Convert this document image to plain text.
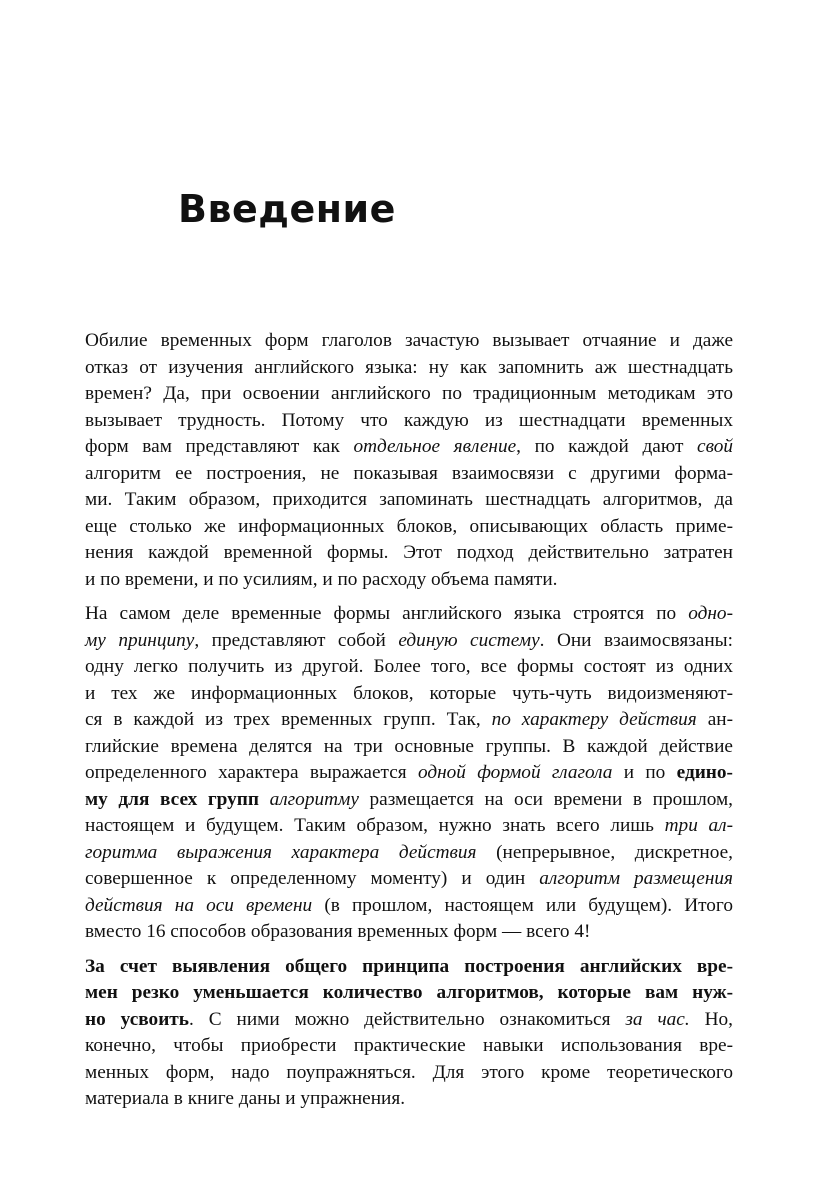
Введение

Обилие временных форм глаголов зачастую вызывает отчаяние и даже
отказ от изучения английского языка: ну как запомнить аж шестнадцать
времен? Да, при освоении английского по традиционным методикам это
вызывает трудность. Потому что каждую из шестнадцати временных
форм вам представляют как отдельное явление, по каждой дают свой
алгоритм ее построения, не показывая взаимосвязи с другими форма-
ми. Таким образом, приходится запоминать шестнадцать алгоритмов, да
еще столько же информационных блоков, описывающих область приме-
нения каждой временной формы. Этот подход действительно затратен
и по времени, и по усилиям, и по расходу объема памяти.

На самом деле временные формы английского языка строятся по одно-
му принципу, представляют собой единую систему. Они взаимосвязаны:
одну легко получить из другой. Более того, все формы состоят из одних
и тех же информационных блоков, которые чуть-чуть видоизменяют-
ся в каждой из трех временных групп. Так, по характеру действия ан-
глийские времена делятся на три основные группы. В каждой действие
определенного характера выражается одной формой глагола и по едино-
му для всех групп алгоритму размещается на оси времени в прошлом,
настоящем и будущем. Таким образом, нужно знать всего лишь три ал-
горитма выражения характера действия (непрерывное, дискретное,
совершенное к определенному моменту) и один алгоритм размещения
действия на оси времени (в прошлом, настоящем или будущем). Итого
вместо 16 способов образования временных форм — всего 4!

За счет выявления общего принципа построения английских вре-
мен резко уменьшается количество алгоритмов, которые вам нуж-
но усвоить. С ними можно действительно ознакомиться за час. Но,
конечно, чтобы приобрести практические навыки использования вре-
менных форм, надо поупражняться. Для этого кроме теоретического
материала в книге даны и упражнения.
